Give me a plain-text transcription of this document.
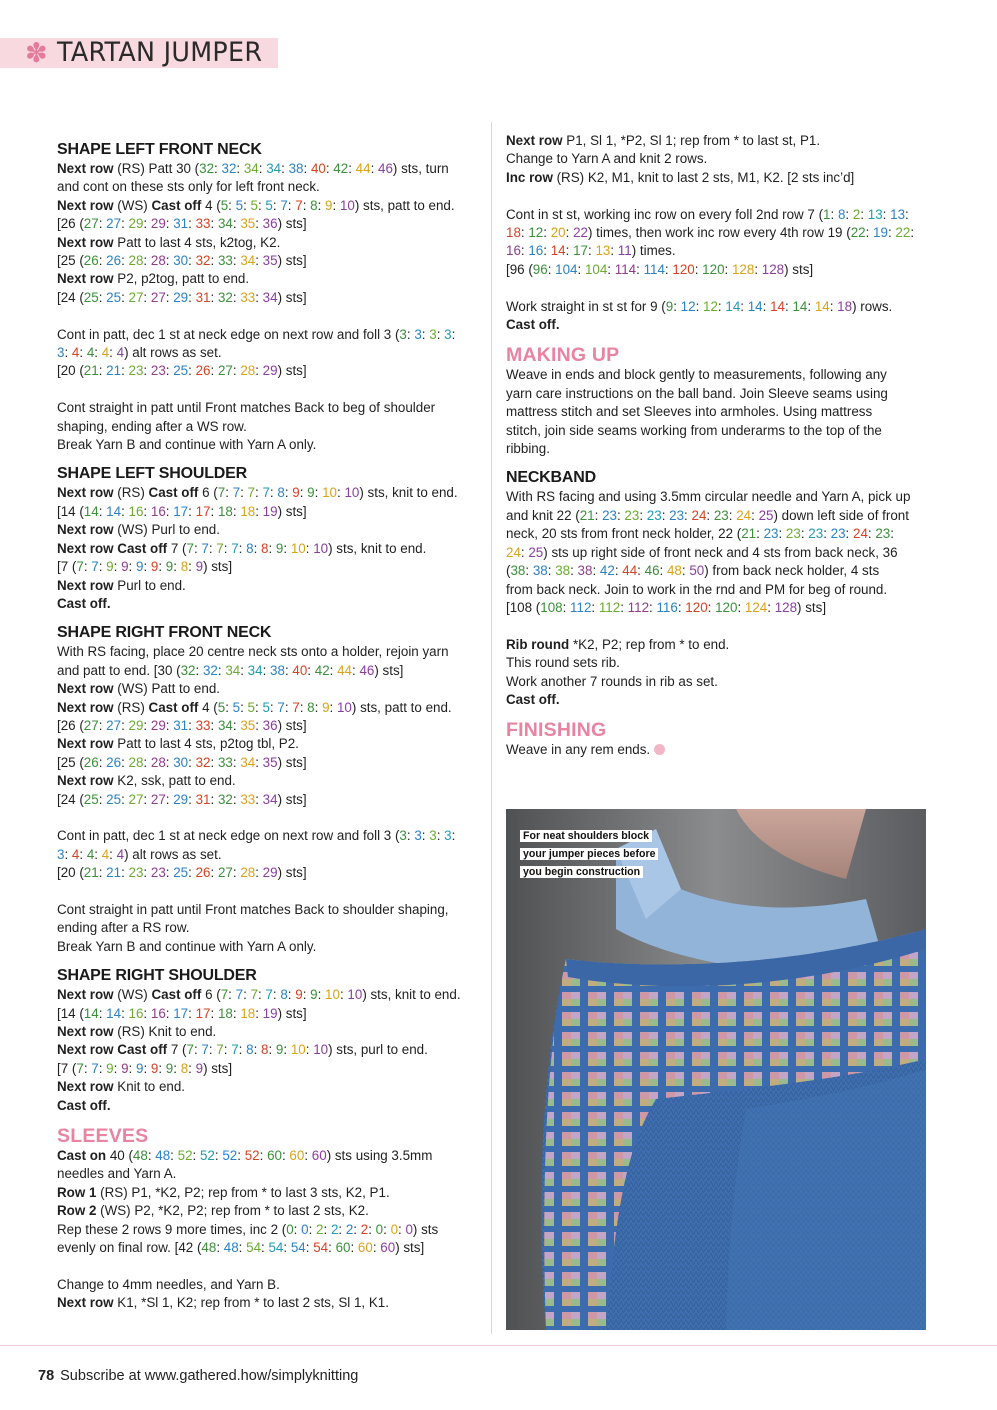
✽ TARTAN JUMPER
SHAPE LEFT FRONT NECK
Next row (RS) Patt 30 (32: 32: 34: 34: 38: 40: 42: 44: 46) sts, turn
and cont on these sts only for left front neck.
Next row (WS) Cast off 4 (5: 5: 5: 5: 7: 7: 8: 9: 10) sts, patt to end.
[26 (27: 27: 29: 29: 31: 33: 34: 35: 36) sts]
Next row Patt to last 4 sts, k2tog, K2.
[25 (26: 26: 28: 28: 30: 32: 33: 34: 35) sts]
Next row P2, p2tog, patt to end.
[24 (25: 25: 27: 27: 29: 31: 32: 33: 34) sts]
Cont in patt, dec 1 st at neck edge on next row and foll 3 (3: 3: 3: 3:
3: 4: 4: 4: 4) alt rows as set.
[20 (21: 21: 23: 23: 25: 26: 27: 28: 29) sts]
Cont straight in patt until Front matches Back to beg of shoulder
shaping, ending after a WS row.
Break Yarn B and continue with Yarn A only.
SHAPE LEFT SHOULDER
Next row (RS) Cast off 6 (7: 7: 7: 7: 8: 9: 9: 10: 10) sts, knit to end.
[14 (14: 14: 16: 16: 17: 17: 18: 18: 19) sts]
Next row (WS) Purl to end.
Next row Cast off 7 (7: 7: 7: 7: 8: 8: 9: 10: 10) sts, knit to end.
[7 (7: 7: 9: 9: 9: 9: 9: 8: 9) sts]
Next row Purl to end.
Cast off.
SHAPE RIGHT FRONT NECK
With RS facing, place 20 centre neck sts onto a holder, rejoin yarn
and patt to end. [30 (32: 32: 34: 34: 38: 40: 42: 44: 46) sts]
Next row (WS) Patt to end.
Next row (RS) Cast off 4 (5: 5: 5: 5: 7: 7: 8: 9: 10) sts, patt to end.
[26 (27: 27: 29: 29: 31: 33: 34: 35: 36) sts]
Next row Patt to last 4 sts, p2tog tbl, P2.
[25 (26: 26: 28: 28: 30: 32: 33: 34: 35) sts]
Next row K2, ssk, patt to end.
[24 (25: 25: 27: 27: 29: 31: 32: 33: 34) sts]
Cont in patt, dec 1 st at neck edge on next row and foll 3 (3: 3: 3: 3:
3: 4: 4: 4: 4) alt rows as set.
[20 (21: 21: 23: 23: 25: 26: 27: 28: 29) sts]
Cont straight in patt until Front matches Back to shoulder shaping,
ending after a RS row.
Break Yarn B and continue with Yarn A only.
SHAPE RIGHT SHOULDER
Next row (WS) Cast off 6 (7: 7: 7: 7: 8: 9: 9: 10: 10) sts, knit to end.
[14 (14: 14: 16: 16: 17: 17: 18: 18: 19) sts]
Next row (RS) Knit to end.
Next row Cast off 7 (7: 7: 7: 7: 8: 8: 9: 10: 10) sts, purl to end.
[7 (7: 7: 9: 9: 9: 9: 9: 8: 9) sts]
Next row Knit to end.
Cast off.
SLEEVES
Cast on 40 (48: 48: 52: 52: 52: 52: 60: 60: 60) sts using 3.5mm
needles and Yarn A.
Row 1 (RS) P1, *K2, P2; rep from * to last 3 sts, K2, P1.
Row 2 (WS) P2, *K2, P2; rep from * to last 2 sts, K2.
Rep these 2 rows 9 more times, inc 2 (0: 0: 2: 2: 2: 2: 0: 0: 0) sts
evenly on final row. [42 (48: 48: 54: 54: 54: 54: 60: 60: 60) sts]
Change to 4mm needles, and Yarn B.
Next row K1, *Sl 1, K2; rep from * to last 2 sts, Sl 1, K1.
Next row P1, Sl 1, *P2, Sl 1; rep from * to last st, P1.
Change to Yarn A and knit 2 rows.
Inc row (RS) K2, M1, knit to last 2 sts, M1, K2. [2 sts inc’d]
Cont in st st, working inc row on every foll 2nd row 7 (1: 8: 2: 13: 13:
18: 12: 20: 22) times, then work inc row every 4th row 19 (22: 19: 22:
16: 16: 14: 17: 13: 11) times.
[96 (96: 104: 104: 114: 114: 120: 120: 128: 128) sts]
Work straight in st st for 9 (9: 12: 12: 14: 14: 14: 14: 14: 18) rows.
Cast off.
MAKING UP
Weave in ends and block gently to measurements, following any
yarn care instructions on the ball band. Join Sleeve seams using
mattress stitch and set Sleeves into armholes. Using mattress
stitch, join side seams working from underarms to the top of the
ribbing.
NECKBAND
With RS facing and using 3.5mm circular needle and Yarn A, pick up
and knit 22 (21: 23: 23: 23: 23: 24: 23: 24: 25) down left side of front
neck, 20 sts from front neck holder, 22 (21: 23: 23: 23: 23: 24: 23:
24: 25) sts up right side of front neck and 4 sts from back neck, 36
(38: 38: 38: 38: 42: 44: 46: 48: 50) from back neck holder, 4 sts
from back neck. Join to work in the rnd and PM for beg of round.
[108 (108: 112: 112: 112: 116: 120: 120: 124: 128) sts]
Rib round *K2, P2; rep from * to end.
This round sets rib.
Work another 7 rounds in rib as set.
Cast off.
FINISHING
Weave in any rem ends.
For neat shoulders block your jumper pieces before you begin construction
78 Subscribe at www.gathered.how/simplyknitting
